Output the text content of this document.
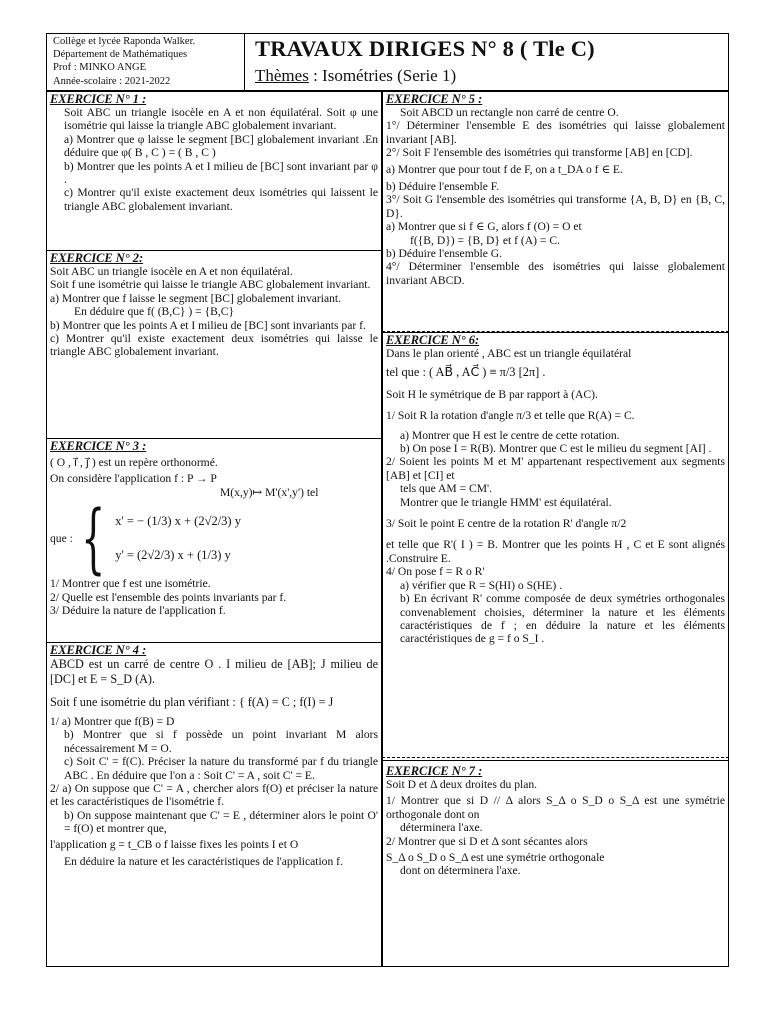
Collège et lycée Raponda Walker.
Département de Mathématiques
Prof : MINKO ANGE
Année-scolaire : 2021-2022
TRAVAUX DIRIGES N° 8 ( Tle C)
Thèmes : Isométries (Serie 1)
EXERCICE N° 1 :

Soit ABC un triangle isocèle en A et non équilatéral. Soit φ une isométrie qui laisse la triangle ABC globalement invariant.

a) Montrer que φ laisse le segment [BC] globalement invariant .En déduire que φ( B , C ) = ( B , C )

b) Montrer que les points A et I milieu de [BC] sont invariant par φ .

c) Montrer qu'il existe exactement deux isométries qui laissent le triangle ABC globalement invariant.

EXERCICE N° 2:

Soit ABC un triangle isocèle en A et non équilatéral.

Soit f une isométrie qui laisse le triangle ABC globalement invariant.

a) Montrer que f laisse le segment [BC] globalement invariant.

En déduire que f( (B,C} ) = {B,C}

b) Montrer que les points A et I milieu de [BC] sont invariants par f.

c) Montrer qu'il existe exactement deux isométries qui laisse le triangle ABC globalement invariant.

EXERCICE N° 3 :

( O , i⃗ , j⃗ ) est un repère orthonormé.

On considère l'application f : P → P

M(x,y)↦ M'(x',y') tel

que : { x' = − (1/3) x + (2√2/3) y
y' = (2√2/3) x + (1/3) y

1/ Montrer que f est une isométrie.

2/ Quelle est l'ensemble des points invariants par f.

3/ Déduire la nature de l'application f.

EXERCICE N° 4 :

ABCD est un carré de centre O . I milieu de [AB]; J milieu de [DC] et E = S_D (A).

Soit f une isométrie du plan vérifiant : { f(A) = C ; f(I) = J

1/ a) Montrer que f(B) = D

b) Montrer que si f possède un point invariant M alors nécessairement M = O.

c) Soit C' = f(C). Préciser la nature du transformé par f du triangle ABC . En déduire que l'on a : Soit C' = A , soit C' = E.

2/ a) On suppose que C' = A , chercher alors f(O) et préciser la nature et les caractéristiques de l'isométrie f.

b) On suppose maintenant que C' = E , déterminer alors le point O' = f(O) et montrer que,

l'application g = t_CB o f laisse fixes les points I et O

En déduire la nature et les caractéristiques de l'application f.

EXERCICE N° 5 :

Soit ABCD un rectangle non carré de centre O.

1°/ Déterminer l'ensemble E des isométries qui laisse globalement invariant [AB].

2°/ Soit F l'ensemble des isométries qui transforme [AB] en [CD].

a) Montrer que pour tout f de F, on a t_DA o f ∈ E.

b) Déduire l'ensemble F.

3°/ Soit G l'ensemble des isométries qui transforme {A, B, D} en {B, C, D}.

a) Montrer que si f ∈ G, alors f (O) = O et

f({B, D}) = {B, D} et f (A) = C.

b) Déduire l'ensemble G.

4°/ Déterminer l'ensemble des isométries qui laisse globalement invariant ABCD.

EXERCICE N° 6:

Dans le plan orienté , ABC est un triangle équilatéral

tel que : ( AB⃗ , AC⃗ ) ≡ π/3 [2π] .

Soit H le symétrique de B par rapport à (AC).

1/ Soit R la rotation d'angle π/3 et telle que R(A) = C.

a) Montrer que H est le centre de cette rotation.

b) On pose I = R(B). Montrer que C est le milieu du segment [AI] .

2/ Soient les points M et M' appartenant respectivement aux segments [AB] et [CI] et

tels que AM = CM'.

Montrer que le triangle HMM' est équilatéral.

3/ Soit le point E centre de la rotation R' d'angle π/2

et telle que R'( I ) = B. Montrer que les points H , C et E sont alignés .Construire E.

4/ On pose f = R o R'

a) vérifier que R = S(HI) o S(HE) .

b) En écrivant R' comme composée de deux symétries orthogonales convenablement choisies, déterminer la nature et les éléments caractéristiques de f ; en déduire la nature et les éléments caractéristiques de g = f o S_I .

EXERCICE N° 7 :

Soit D et Δ deux droites du plan.

1/ Montrer que si D // Δ alors S_Δ o S_D o S_Δ est une symétrie orthogonale dont on

déterminera l'axe.

2/ Montrer que si D et Δ sont sécantes alors

S_Δ o S_D o S_Δ est une symétrie orthogonale

dont on déterminera l'axe.
